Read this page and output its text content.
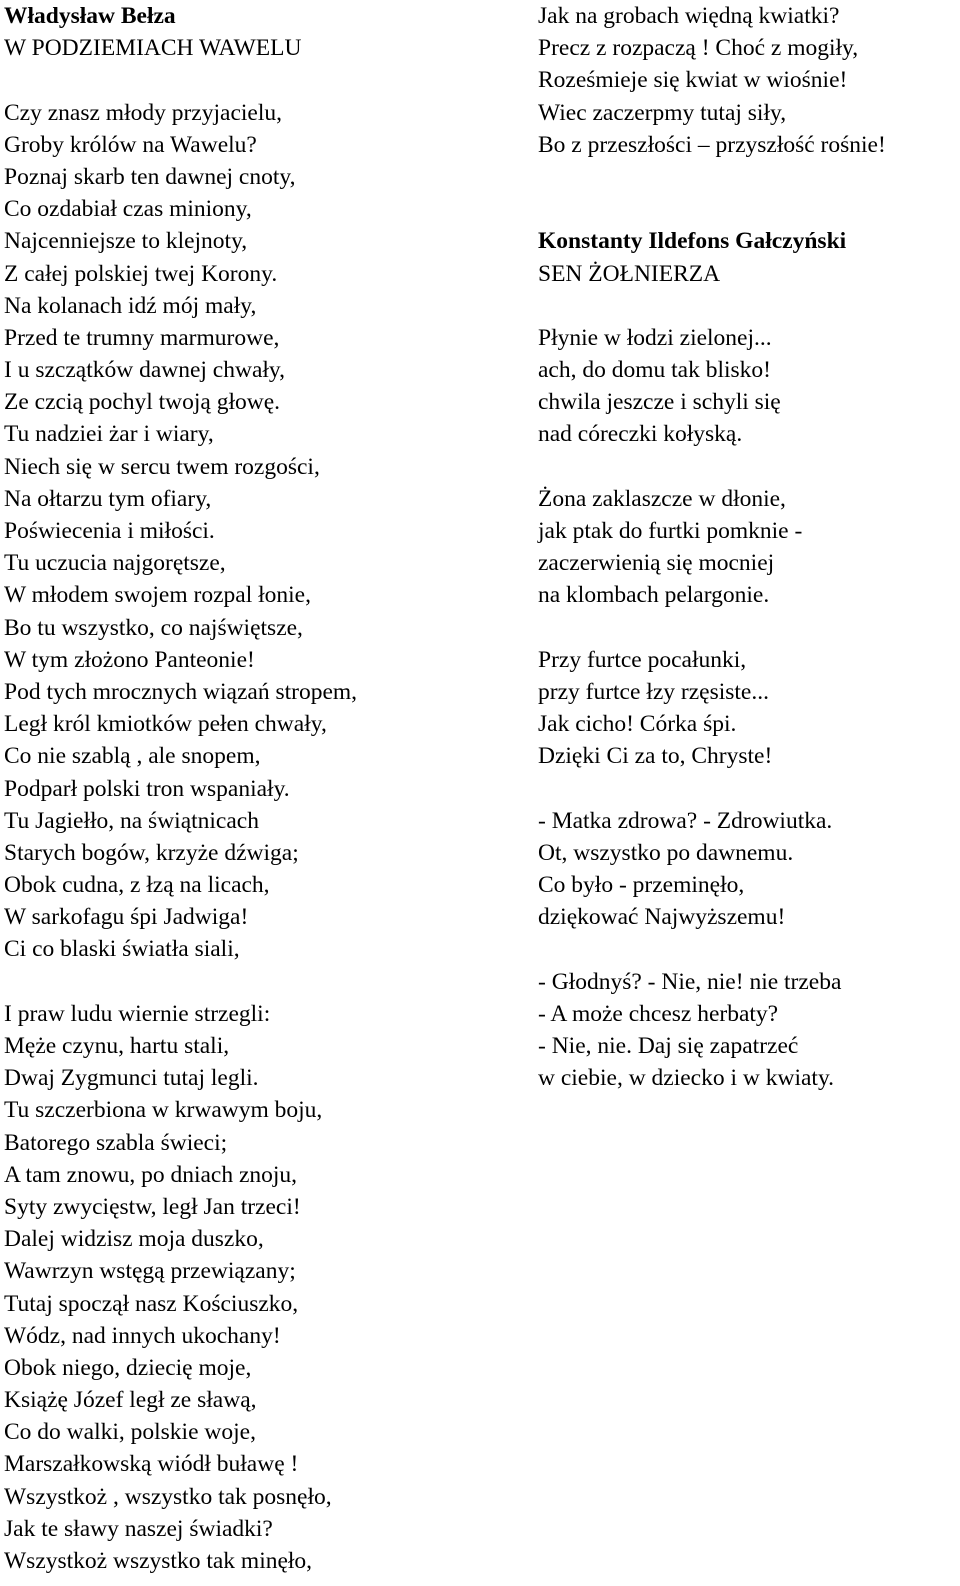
Władysław Bełza
W PODZIEMIACH WAWELU
Czy znasz młody przyjacielu,
Groby królów na Wawelu?
Poznaj skarb ten dawnej cnoty,
Co ozdabiał czas miniony,
Najcenniejsze to klejnoty,
Z całej polskiej twej Korony.
Na kolanach idź mój mały,
Przed te trumny marmurowe,
I u szczątków dawnej chwały,
Ze czcią pochyl twoją głowę.
Tu nadziei żar i wiary,
Niech się w sercu twem rozgości,
Na ołtarzu tym ofiary,
Poświecenia i miłości.
Tu uczucia najgorętsze,
W młodem swojem rozpal łonie,
Bo tu wszystko, co najświętsze,
W tym złożono Panteonie!
Pod tych mrocznych wiązań stropem,
Legł król kmiotków pełen chwały,
Co nie szablą , ale snopem,
Podparł polski tron wspaniały.
Tu Jagiełło, na świątnicach
Starych bogów, krzyże dźwiga;
Obok cudna, z łzą na licach,
W sarkofagu śpi Jadwiga!
Ci co blaski światła siali,
I praw ludu wiernie strzegli:
Męże czynu, hartu stali,
Dwaj Zygmunci tutaj legli.
Tu szczerbiona w krwawym boju,
Batorego szabla świeci;
A tam znowu, po dniach znoju,
Syty zwycięstw, legł Jan trzeci!
Dalej widzisz moja duszko,
Wawrzyn wstęgą przewiązany;
Tutaj spoczął nasz Kościuszko,
Wódz, nad innych ukochany!
Obok niego, dziecię moje,
Książę Józef legł ze sławą,
Co do walki, polskie woje,
Marszałkowską wiódł buławę !
Wszystkoż , wszystko tak posnęło,
Jak te sławy naszej świadki?
Wszystkoż wszystko tak minęło,
Jak na grobach więdną kwiatki?
Precz z rozpaczą ! Choć z mogiły,
Roześmieje się kwiat w wiośnie!
Wiec zaczerpmy tutaj siły,
Bo z przeszłości – przyszłość rośnie!
Konstanty Ildefons Gałczyński
SEN ŻOŁNIERZA
Płynie w łodzi zielonej...
ach, do domu tak blisko!
chwila jeszcze i schyli się
nad córeczki kołyską.
Żona zaklaszcze w dłonie,
jak ptak do furtki pomknie -
zaczerwienią się mocniej
na klombach pelargonie.
Przy furtce pocałunki,
przy furtce łzy rzęsiste...
Jak cicho! Córka śpi.
Dzięki Ci za to, Chryste!
- Matka zdrowa? - Zdrowiutka.
Ot, wszystko po dawnemu.
Co było - przeminęło,
dziękować Najwyższemu!
- Głodnyś? - Nie, nie! nie trzeba
- A może chcesz herbaty?
- Nie, nie. Daj się zapatrzeć
w ciebie, w dziecko i w kwiaty.
